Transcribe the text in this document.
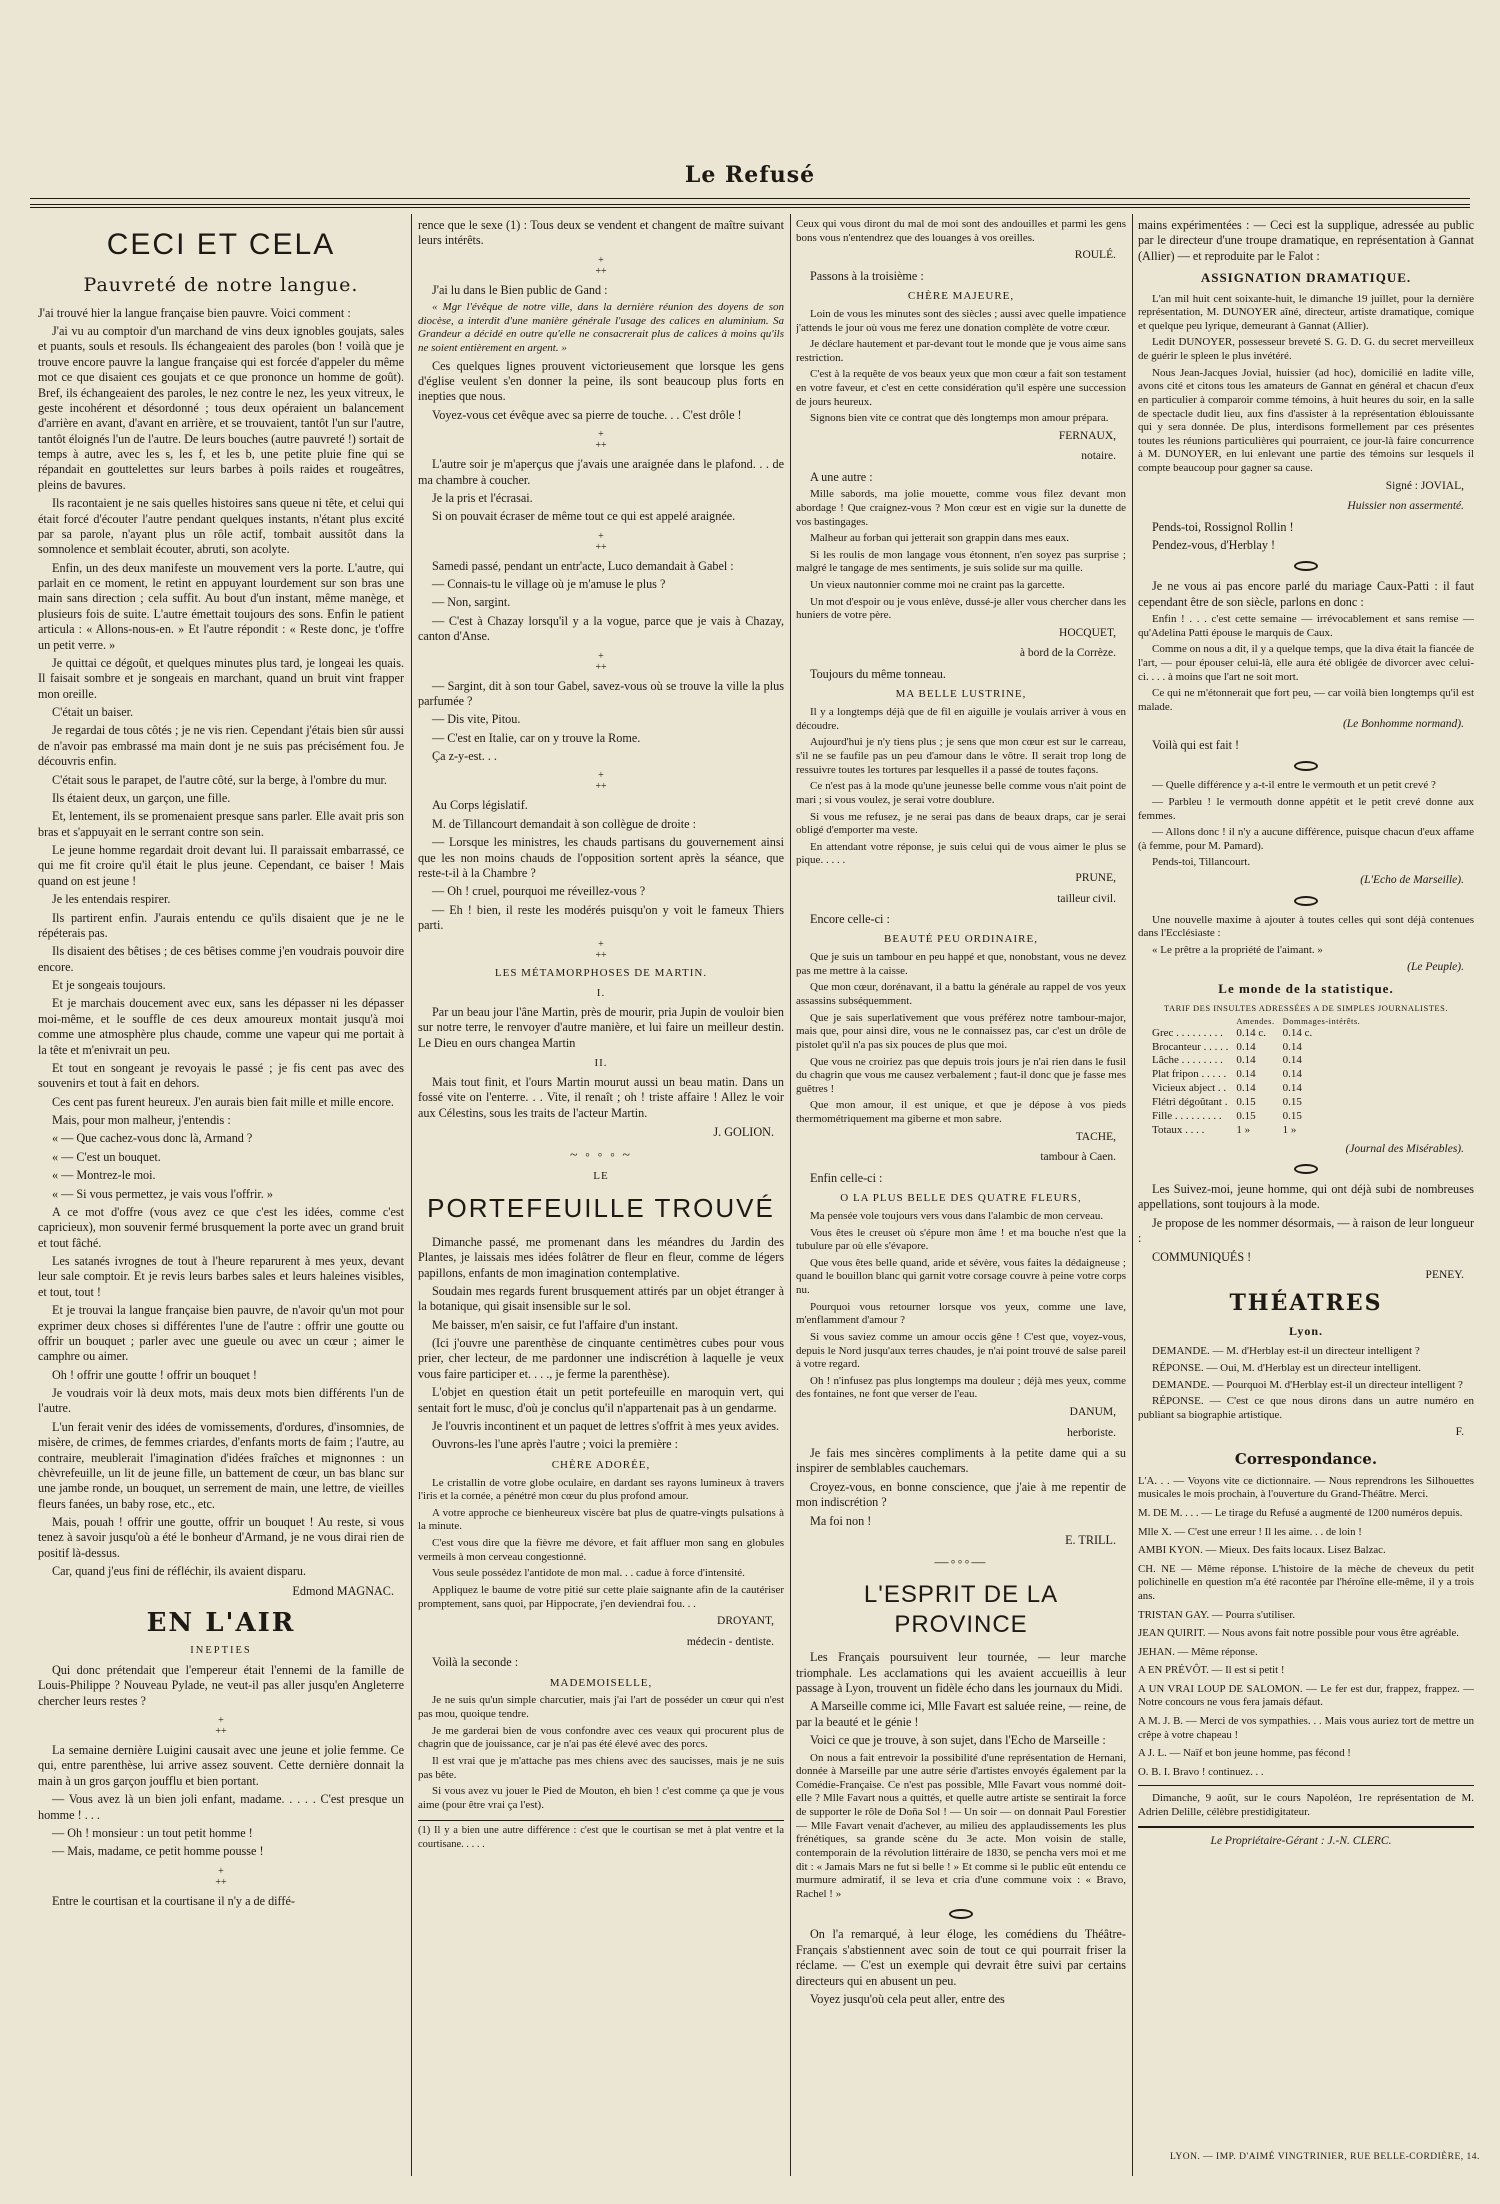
Le Refusé
CECI ET CELA
Pauvreté de notre langue.

J'ai trouvé hier la langue française bien pauvre. Voici comment :

J'ai vu au comptoir d'un marchand de vins deux ignobles goujats, sales et puants, souls et resouls. Ils échangeaient des paroles (bon ! voilà que je trouve encore pauvre la langue française qui est forcée d'appeler du même mot ce que disaient ces goujats et ce que prononce un homme de goût). Bref, ils échangeaient des paroles, le nez contre le nez, les yeux vitreux, le geste incohérent et désordonné ; tous deux opéraient un balancement d'arrière en avant, d'avant en arrière, et se trouvaient, tantôt l'un sur l'autre, tantôt éloignés l'un de l'autre. De leurs bouches (autre pauvreté !) sortait de temps à autre, avec les s, les f, et les b, une petite pluie fine qui se répandait en gouttelettes sur leurs barbes à poils raides et rougeâtres, pleins de bavures.

Ils racontaient je ne sais quelles histoires sans queue ni tête, et celui qui était forcé d'écouter l'autre pendant quelques instants, n'étant plus excité par sa parole, n'ayant plus un rôle actif, tombait aussitôt dans la somnolence et semblait écouter, abruti, son acolyte.

Enfin, un des deux manifeste un mouvement vers la porte. L'autre, qui parlait en ce moment, le retint en appuyant lourdement sur son bras une main sans direction ; cela suffit. Au bout d'un instant, même manège, et plusieurs fois de suite. L'autre émettait toujours des sons. Enfin le patient articula : « Allons-nous-en. » Et l'autre répondit : « Reste donc, je t'offre un petit verre. »

Je quittai ce dégoût, et quelques minutes plus tard, je longeai les quais. Il faisait sombre et je songeais en marchant, quand un bruit vint frapper mon oreille.

C'était un baiser.

Je regardai de tous côtés ; je ne vis rien. Cependant j'étais bien sûr aussi de n'avoir pas embrassé ma main dont je ne suis pas précisément fou. Je découvris enfin.

C'était sous le parapet, de l'autre côté, sur la berge, à l'ombre du mur.

Ils étaient deux, un garçon, une fille.

Et, lentement, ils se promenaient presque sans parler. Elle avait pris son bras et s'appuyait en le serrant contre son sein.

Le jeune homme regardait droit devant lui. Il paraissait embarrassé, ce qui me fit croire qu'il était le plus jeune. Cependant, ce baiser ! Mais quand on est jeune !

Je les entendais respirer.

Ils partirent enfin. J'aurais entendu ce qu'ils disaient que je ne le répéterais pas.

Ils disaient des bêtises ; de ces bêtises comme j'en voudrais pouvoir dire encore.

Et je songeais toujours.

Et je marchais doucement avec eux, sans les dépasser ni les dépasser moi-même, et le souffle de ces deux amoureux montait jusqu'à moi comme une atmosphère plus chaude, comme une vapeur qui me portait à la tête et m'enivrait un peu.

Et tout en songeant je revoyais le passé ; je fis cent pas avec des souvenirs et tout à fait en dehors.

Ces cent pas furent heureux. J'en aurais bien fait mille et mille encore.

Mais, pour mon malheur, j'entendis :

« — Que cachez-vous donc là, Armand ?

« — C'est un bouquet.

« — Montrez-le moi.

« — Si vous permettez, je vais vous l'offrir. »

A ce mot d'offre (vous avez ce que c'est les idées, comme c'est capricieux), mon souvenir fermé brusquement la porte avec un grand bruit et tout fâché.

Les satanés ivrognes de tout à l'heure reparurent à mes yeux, devant leur sale comptoir. Et je revis leurs barbes sales et leurs haleines visibles, et tout, tout !

Et je trouvai la langue française bien pauvre, de n'avoir qu'un mot pour exprimer deux choses si différentes l'une de l'autre : offrir une goutte ou offrir un bouquet ; parler avec une gueule ou avec un cœur ; aimer le camphre ou aimer.

Oh ! offrir une goutte ! offrir un bouquet !

Je voudrais voir là deux mots, mais deux mots bien différents l'un de l'autre.

L'un ferait venir des idées de vomissements, d'ordures, d'insomnies, de misère, de crimes, de femmes criardes, d'enfants morts de faim ; l'autre, au contraire, meublerait l'imagination d'idées fraîches et mignonnes : un chèvrefeuille, un lit de jeune fille, un battement de cœur, un bas blanc sur une jambe ronde, un bouquet, un serrement de main, une lettre, de vieilles fleurs fanées, un baby rose, etc., etc.

Mais, pouah ! offrir une goutte, offrir un bouquet ! Au reste, si vous tenez à savoir jusqu'où a été le bonheur d'Armand, je ne vous dirai rien de positif là-dessus.

Car, quand j'eus fini de réfléchir, ils avaient disparu.

Edmond MAGNAC.
EN L'AIR
INEPTIES

Qui donc prétendait que l'empereur était l'ennemi de la famille de Louis-Philippe ? Nouveau Pylade, ne veut-il pas aller jusqu'en Angleterre chercher leurs restes ?

+
++

La semaine dernière Luigini causait avec une jeune et jolie femme. Ce qui, entre parenthèse, lui arrive assez souvent. Cette dernière donnait la main à un gros garçon joufflu et bien portant.

— Vous avez là un bien joli enfant, madame. . . . . C'est presque un homme ! . . .

— Oh ! monsieur : un tout petit homme !

— Mais, madame, ce petit homme pousse !

+
++

Entre le courtisan et la courtisane il n'y a de diffé-

rence que le sexe (1) : Tous deux se vendent et changent de maître suivant leurs intérêts.

+
++

J'ai lu dans le Bien public de Gand :

« Mgr l'évêque de notre ville, dans la dernière réunion des doyens de son diocèse, a interdit d'une manière générale l'usage des calices en aluminium. Sa Grandeur a décidé en outre qu'elle ne consacrerait plus de calices à moins qu'ils ne soient entièrement en argent. »

Ces quelques lignes prouvent victorieusement que lorsque les gens d'église veulent s'en donner la peine, ils sont beaucoup plus forts en inepties que nous.

Voyez-vous cet évêque avec sa pierre de touche. . . C'est drôle !

+
++

L'autre soir je m'aperçus que j'avais une araignée dans le plafond. . . de ma chambre à coucher.

Je la pris et l'écrasai.

Si on pouvait écraser de même tout ce qui est appelé araignée.

+
++

Samedi passé, pendant un entr'acte, Luco demandait à Gabel :

— Connais-tu le village où je m'amuse le plus ?

— Non, sargint.

— C'est à Chazay lorsqu'il y a la vogue, parce que je vais à Chazay, canton d'Anse.

+
++

— Sargint, dit à son tour Gabel, savez-vous où se trouve la ville la plus parfumée ?

— Dis vite, Pitou.

— C'est en Italie, car on y trouve la Rome.

Ça z-y-est. . .

+
++

Au Corps législatif.

M. de Tillancourt demandait à son collègue de droite :

— Lorsque les ministres, les chauds partisans du gouvernement ainsi que les non moins chauds de l'opposition sortent après la séance, que reste-t-il à la Chambre ?

— Oh ! cruel, pourquoi me réveillez-vous ?

— Eh ! bien, il reste les modérés puisqu'on y voit le fameux Thiers parti.

+
++
LES MÉTAMORPHOSES DE MARTIN.
I.

Par un beau jour l'âne Martin, près de mourir, pria Jupin de vouloir bien sur notre terre, le renvoyer d'autre manière, et lui faire un meilleur destin. Le Dieu en ours changea Martin

II.

Mais tout finit, et l'ours Martin mourut aussi un beau matin. Dans un fossé vite on l'enterre. . . Vite, il renaît ; oh ! triste affaire ! Allez le voir aux Célestins, sous les traits de l'acteur Martin.

J. GOLION.
~ ◦ ◦ ◦ ~
LE
PORTEFEUILLE TROUVÉ

Dimanche passé, me promenant dans les méandres du Jardin des Plantes, je laissais mes idées folâtrer de fleur en fleur, comme de légers papillons, enfants de mon imagination contemplative.

Soudain mes regards furent brusquement attirés par un objet étranger à la botanique, qui gisait insensible sur le sol.

Me baisser, m'en saisir, ce fut l'affaire d'un instant.

(Ici j'ouvre une parenthèse de cinquante centimètres cubes pour vous prier, cher lecteur, de me pardonner une indiscrétion à laquelle je veux vous faire participer et. . . ., je ferme la parenthèse).

L'objet en question était un petit portefeuille en maroquin vert, qui sentait fort le musc, d'où je conclus qu'il n'appartenait pas à un gendarme.

Je l'ouvris incontinent et un paquet de lettres s'offrit à mes yeux avides.

Ouvrons-les l'une après l'autre ; voici la première :

CHÈRE ADORÉE,

Le cristallin de votre globe oculaire, en dardant ses rayons lumineux à travers l'iris et la cornée, a pénétré mon cœur du plus profond amour.

A votre approche ce bienheureux viscère bat plus de quatre-vingts pulsations à la minute.

C'est vous dire que la fièvre me dévore, et fait affluer mon sang en globules vermeils à mon cerveau congestionné.

Vous seule possédez l'antidote de mon mal. . . cadue à force d'intensité.

Appliquez le baume de votre pitié sur cette plaie saignante afin de la cautériser promptement, sans quoi, par Hippocrate, j'en deviendrai fou. . .

DROYANT,
médecin - dentiste.

Voilà la seconde :

MADEMOISELLE,

Je ne suis qu'un simple charcutier, mais j'ai l'art de posséder un cœur qui n'est pas mou, quoique tendre.

Je me garderai bien de vous confondre avec ces veaux qui procurent plus de chagrin que de jouissance, car je n'ai pas été élevé avec des porcs.

Il est vrai que je m'attache pas mes chiens avec des saucisses, mais je ne suis pas bête.

Si vous avez vu jouer le Pied de Mouton, eh bien ! c'est comme ça que je vous aime (pour être vrai ça l'est).

(1) Il y a bien une autre différence : c'est que le courtisan se met à plat ventre et la courtisane. . . . .

Ceux qui vous diront du mal de moi sont des andouilles et parmi les gens bons vous n'entendrez que des louanges à vos oreilles.

ROULÉ.

Passons à la troisième :

CHÈRE MAJEURE,

Loin de vous les minutes sont des siècles ; aussi avec quelle impatience j'attends le jour où vous me ferez une donation complète de votre cœur.

Je déclare hautement et par-devant tout le monde que je vous aime sans restriction.

C'est à la requête de vos beaux yeux que mon cœur a fait son testament en votre faveur, et c'est en cette considération qu'il espère une succession de jours heureux.

Signons bien vite ce contrat que dès longtemps mon amour prépara.

FERNAUX,
notaire.

A une autre :

Mille sabords, ma jolie mouette, comme vous filez devant mon abordage ! Que craignez-vous ? Mon cœur est en vigie sur la dunette de vos bastingages.

Malheur au forban qui jetterait son grappin dans mes eaux.

Si les roulis de mon langage vous étonnent, n'en soyez pas surprise ; malgré le tangage de mes sentiments, je suis solide sur ma quille.

Un vieux nautonnier comme moi ne craint pas la garcette.

Un mot d'espoir ou je vous enlève, dussé-je aller vous chercher dans les huniers de votre père.

HOCQUET,
à bord de la Corrèze.

Toujours du même tonneau.

MA BELLE LUSTRINE,

Il y a longtemps déjà que de fil en aiguille je voulais arriver à vous en découdre.

Aujourd'hui je n'y tiens plus ; je sens que mon cœur est sur le carreau, s'il ne se faufile pas un peu d'amour dans le vôtre. Il serait trop long de ressuivre toutes les tortures par lesquelles il a passé de toutes façons.

Ce n'est pas à la mode qu'une jeunesse belle comme vous n'ait point de mari ; si vous voulez, je serai votre doublure.

Si vous me refusez, je ne serai pas dans de beaux draps, car je serai obligé d'emporter ma veste.

En attendant votre réponse, je suis celui qui de vous aimer le plus se pique. . . . .

PRUNE,
tailleur civil.

Encore celle-ci :

BEAUTÉ PEU ORDINAIRE,

Que je suis un tambour en peu happé et que, nonobstant, vous ne devez pas me mettre à la caisse.

Que mon cœur, dorénavant, il a battu la générale au rappel de vos yeux assassins subséquemment.

Que je sais superlativement que vous préférez notre tambour-major, mais que, pour ainsi dire, vous ne le connaissez pas, car c'est un drôle de pistolet qu'il n'a pas six pouces de plus que moi.

Que vous ne croiriez pas que depuis trois jours je n'ai rien dans le fusil du chagrin que vous me causez verbalement ; faut-il donc que je fasse mes guêtres !

Que mon amour, il est unique, et que je dépose à vos pieds thermométriquement ma giberne et mon sabre.

TACHE,
tambour à Caen.

Enfin celle-ci :

O LA PLUS BELLE DES QUATRE FLEURS,

Ma pensée vole toujours vers vous dans l'alambic de mon cerveau.

Vous êtes le creuset où s'épure mon âme ! et ma bouche n'est que la tubulure par où elle s'évapore.

Que vous êtes belle quand, aride et sévère, vous faites la dédaigneuse ; quand le bouillon blanc qui garnit votre corsage couvre à peine votre corps nu.

Pourquoi vous retourner lorsque vos yeux, comme une lave, m'enflamment d'amour ?

Si vous saviez comme un amour occis gêne ! C'est que, voyez-vous, depuis le Nord jusqu'aux terres chaudes, je n'ai point trouvé de salse pareil à votre regard.

Oh ! n'infusez pas plus longtemps ma douleur ; déjà mes yeux, comme des fontaines, ne font que verser de l'eau.

DANUM,
herboriste.

Je fais mes sincères compliments à la petite dame qui a su inspirer de semblables cauchemars.

Croyez-vous, en bonne conscience, que j'aie à me repentir de mon indiscrétion ?

Ma foi non !

E. TRILL.
—◦◦◦—
L'ESPRIT DE LA PROVINCE

Les Français poursuivent leur tournée, — leur marche triomphale. Les acclamations qui les avaient accueillis à leur passage à Lyon, trouvent un fidèle écho dans les journaux du Midi.

A Marseille comme ici, Mlle Favart est saluée reine, — reine, de par la beauté et le génie !

Voici ce que je trouve, à son sujet, dans l'Echo de Marseille :

On nous a fait entrevoir la possibilité d'une représentation de Hernani, donnée à Marseille par une autre série d'artistes envoyés également par la Comédie-Française. Ce n'est pas possible, Mlle Favart vous nommé doit-elle ? Mlle Favart nous a quittés, et quelle autre artiste se sentirait la force de supporter le rôle de Doña Sol ! — Un soir — on donnait Paul Forestier — Mlle Favart venait d'achever, au milieu des applaudissements les plus frénétiques, sa grande scène du 3e acte. Mon voisin de stalle, contemporain de la révolution littéraire de 1830, se pencha vers moi et me dit : « Jamais Mars ne fut si belle ! » Et comme si le public eût entendu ce murmure admiratif, il se leva et cria d'une commune voix : « Bravo, Rachel ! »

On l'a remarqué, à leur éloge, les comédiens du Théâtre-Français s'abstiennent avec soin de tout ce qui pourrait friser la réclame. — C'est un exemple qui devrait être suivi par certains directeurs qui en abusent un peu.

Voyez jusqu'où cela peut aller, entre des

mains expérimentées : — Ceci est la supplique, adressée au public par le directeur d'une troupe dramatique, en représentation à Gannat (Allier) — et reproduite par le Falot :

ASSIGNATION DRAMATIQUE.

L'an mil huit cent soixante-huit, le dimanche 19 juillet, pour la dernière représentation, M. DUNOYER aîné, directeur, artiste dramatique, comique et quelque peu lyrique, demeurant à Gannat (Allier).

Ledit DUNOYER, possesseur breveté S. G. D. G. du secret merveilleux de guérir le spleen le plus invétéré.

Nous Jean-Jacques Jovial, huissier (ad hoc), domicilié en ladite ville, avons cité et citons tous les amateurs de Gannat en général et chacun d'eux en particulier à comparoir comme témoins, à huit heures du soir, en la salle de spectacle dudit lieu, aux fins d'assister à la représentation éblouissante qui y sera donnée. De plus, interdisons formellement par ces présentes toutes les réunions particulières qui pourraient, ce jour-là faire concurrence à M. DUNOYER, en lui enlevant une partie des témoins sur lesquels il compte beaucoup pour gagner sa cause.

Signé : JOVIAL,
Huissier non assermenté.

Pends-toi, Rossignol Rollin !

Pendez-vous, d'Herblay !

Je ne vous ai pas encore parlé du mariage Caux-Patti : il faut cependant être de son siècle, parlons en donc :

Enfin ! . . . c'est cette semaine — irrévocablement et sans remise — qu'Adelina Patti épouse le marquis de Caux.

Comme on nous a dit, il y a quelque temps, que la diva était la fiancée de l'art, — pour épouser celui-là, elle aura été obligée de divorcer avec celui-ci. . . . à moins que l'art ne soit mort.

Ce qui ne m'étonnerait que fort peu, — car voilà bien longtemps qu'il est malade.

(Le Bonhomme normand).

Voilà qui est fait !

— Quelle différence y a-t-il entre le vermouth et un petit crevé ?

— Parbleu ! le vermouth donne appétit et le petit crevé donne aux femmes.

— Allons donc ! il n'y a aucune différence, puisque chacun d'eux affame (à femme, pour M. Pamard).

Pends-toi, Tillancourt.

(L'Echo de Marseille).

Une nouvelle maxime à ajouter à toutes celles qui sont déjà contenues dans l'Ecclésiaste :

« Le prêtre a la propriété de l'aimant. »

(Le Peuple).
Le monde de la statistique.
TARIF DES INSULTES ADRESSÉES A DE SIMPLES JOURNALISTES.
	Amendes.	Dommages-intérêts.
Grec . . . . . . . . .	0.14 c.	0.14 c.
Brocanteur . . . . .	0.14	0.14
Lâche . . . . . . . .	0.14	0.14
Plat fripon . . . . .	0.14	0.14
Vicieux abject . .	0.14	0.14
Flétri dégoûtant .	0.15	0.15
Fille . . . . . . . . .	0.15	0.15
Totaux . . . .	1 »	1 »
(Journal des Misérables).

Les Suivez-moi, jeune homme, qui ont déjà subi de nombreuses appellations, sont toujours à la mode.

Je propose de les nommer désormais, — à raison de leur longueur :

COMMUNIQUÉS !

PENEY.
THÉATRES
Lyon.

DEMANDE. — M. d'Herblay est-il un directeur intelligent ?

RÉPONSE. — Oui, M. d'Herblay est un directeur intelligent.

DEMANDE. — Pourquoi M. d'Herblay est-il un directeur intelligent ?

RÉPONSE. — C'est ce que nous dirons dans un autre numéro en publiant sa biographie artistique.

F.
Correspondance.

L'A. . . — Voyons vite ce dictionnaire. — Nous reprendrons les Silhouettes musicales le mois prochain, à l'ouverture du Grand-Théâtre. Merci.

M. DE M. . . . — Le tirage du Refusé a augmenté de 1200 numéros depuis.

Mlle X. — C'est une erreur ! Il les aime. . . de loin !

AMBI KYON. — Mieux. Des faits locaux. Lisez Balzac.

CH. NE — Même réponse. L'histoire de la mèche de cheveux du petit polichinelle en question m'a été racontée par l'héroïne elle-même, il y a trois ans.

TRISTAN GAY. — Pourra s'utiliser.

JEAN QUIRIT. — Nous avons fait notre possible pour vous être agréable.

JEHAN. — Même réponse.

A EN PRÉVÔT. — Il est si petit !

A UN VRAI LOUP DE SALOMON. — Le fer est dur, frappez, frappez. — Notre concours ne vous fera jamais défaut.

A M. J. B. — Merci de vos sympathies. . . Mais vous auriez tort de mettre un crêpe à votre chapeau !

A J. L. — Naïf et bon jeune homme, pas fécond !

O. B. I. Bravo ! continuez. . .

Dimanche, 9 août, sur le cours Napoléon, 1re représentation de M. Adrien Delille, célèbre prestidigitateur.

Le Propriétaire-Gérant : J.-N. CLERC.
LYON. — IMP. D'AIMÉ VINGTRINIER, RUE BELLE-CORDIÈRE, 14.
